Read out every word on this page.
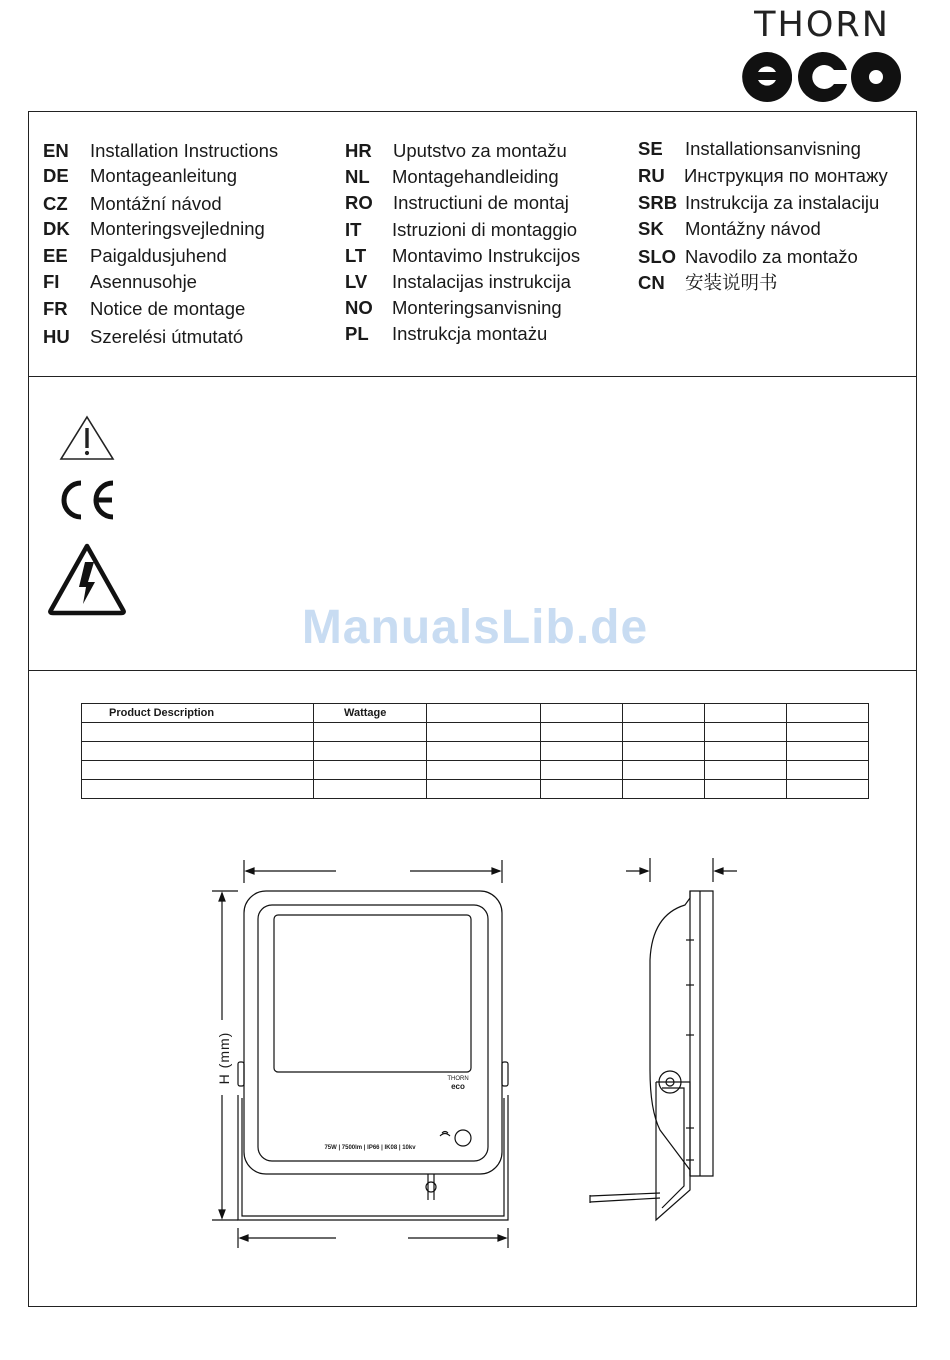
THORN
EN Installation Instructions
DE Montageanleitung
CZ Montážní návod
DK Monteringsvejledning
EE Paigaldusjuhend
FI Asennusohje
FR Notice de montage
HU Szerelési útmutató
HR Uputstvo za montažu
NL Montagehandleiding
RO Instructiuni de montaj
IT Istruzioni di montaggio
LT Montavimo Instrukcijos
LV Instalacijas instrukcija
NO Monteringsanvisning
PL Instrukcja montażu
SE Installationsanvisning
RU Инструкция по монтажу
SRB Instrukcija za instalaciju
SK Montážny návod
SLO Navodilo za montažo
CN 安装说明书
ManualsLib.de
Product Description	Wattage					

H (mm)
75W | 7500lm | IP66 | IK08 | 10kv
THORN
eco
